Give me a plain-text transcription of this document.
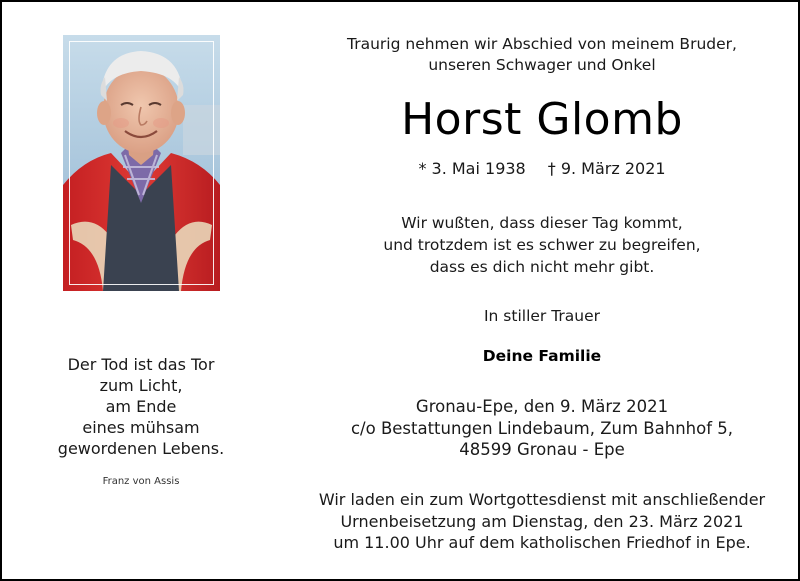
Der Tod ist das Tor
zum Licht,
am Ende
eines mühsam
gewordenen Lebens.
Franz von Assis
Traurig nehmen wir Abschied von meinem Bruder,
unseren Schwager und Onkel
Horst Glomb
* 3. Mai 1938 † 9. März 2021
Wir wußten, dass dieser Tag kommt,
und trotzdem ist es schwer zu begreifen,
dass es dich nicht mehr gibt.
In stiller Trauer
Deine Familie
Gronau-Epe, den 9. März 2021
c/o Bestattungen Lindebaum, Zum Bahnhof 5,
48599 Gronau - Epe
Wir laden ein zum Wortgottesdienst mit anschließender
Urnenbeisetzung am Dienstag, den 23. März 2021
um 11.00 Uhr auf dem katholischen Friedhof in Epe.
